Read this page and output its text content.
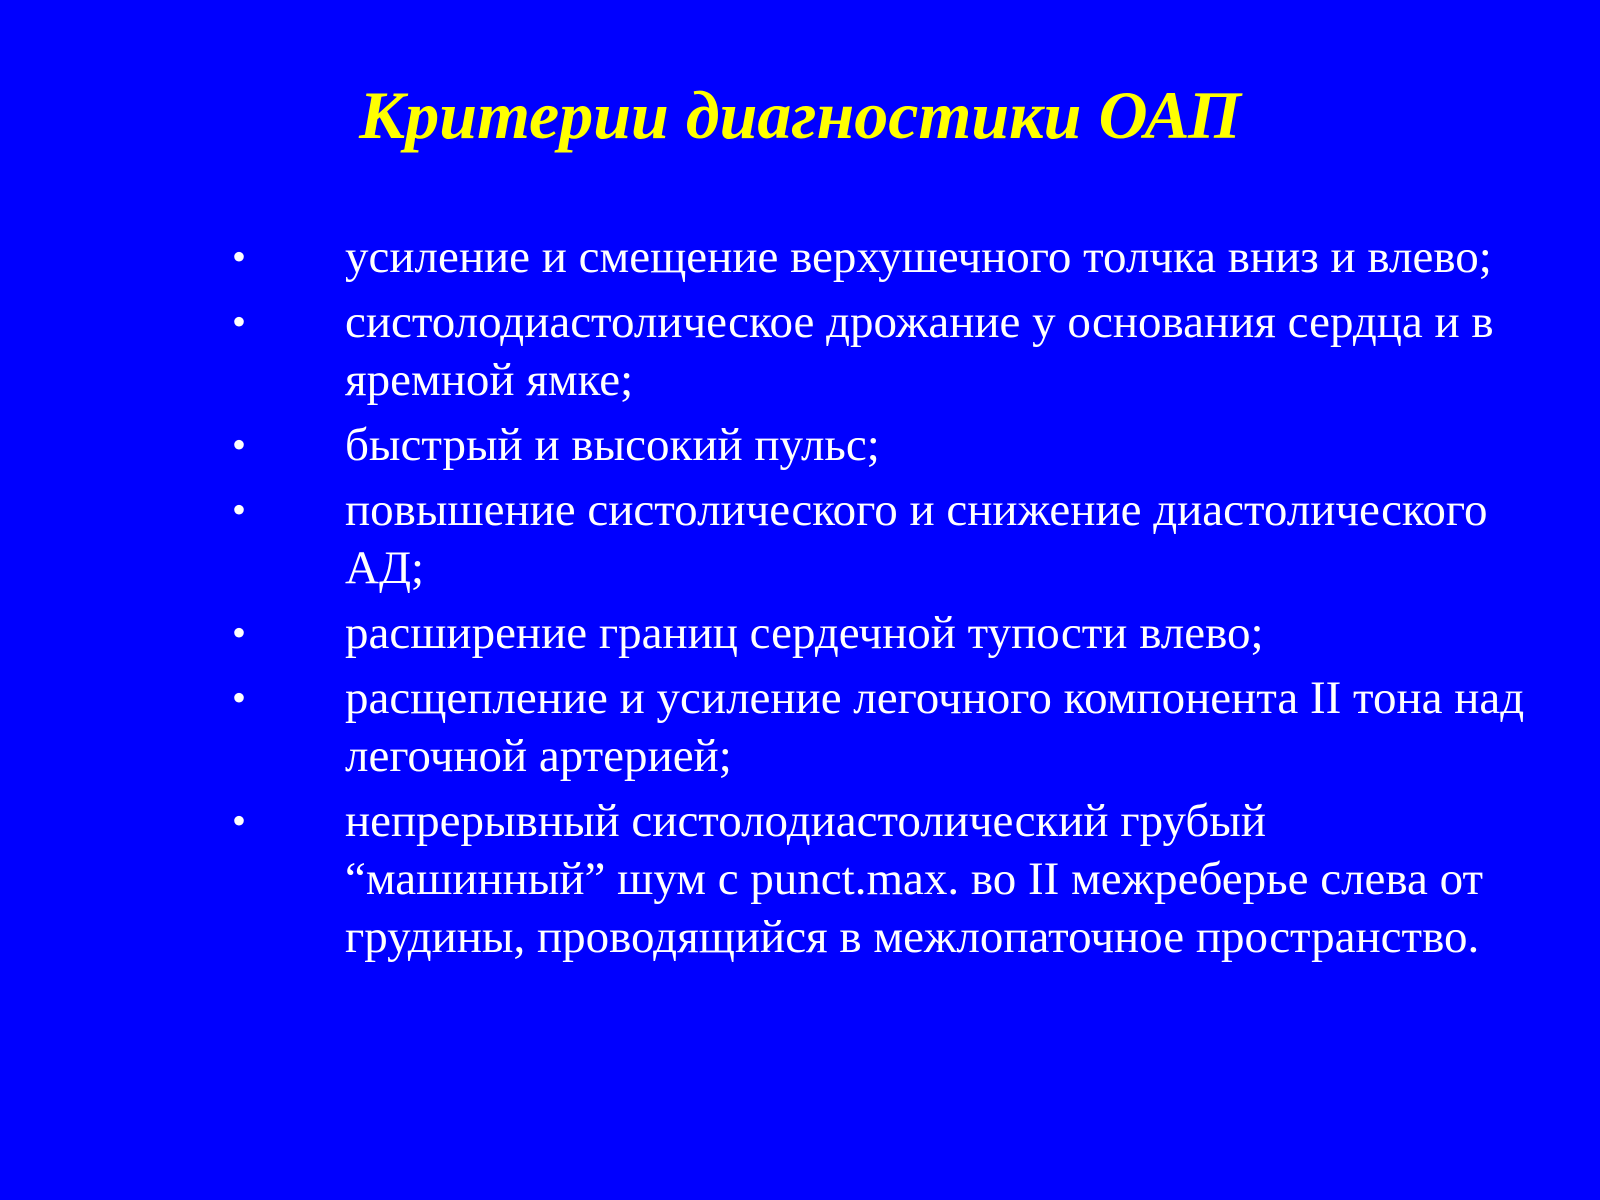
Критерии диагностики ОАП
•	усиление и смещение верхушечного толчка вниз и влево;
•	систолодиастолическое дрожание у основания сердца и в яремной ямке;
•	быстрый и высокий пульс;
•	повышение систолического и снижение диастолического АД;
•	расширение границ сердечной тупости влево;
•	расщепление и усиление легочного компонента II тона над легочной артерией;
•	непрерывный систолодиастолический грубый “машинный” шум с punct.max. во II межреберье слева от грудины, проводящийся в межлопаточное пространство.
